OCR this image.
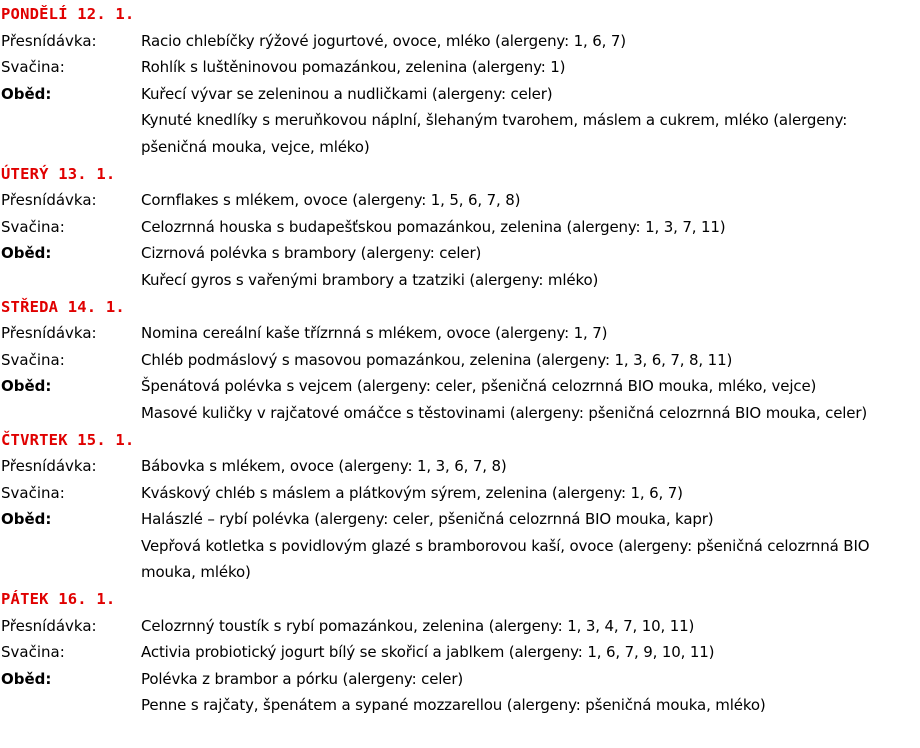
PONDĚLÍ 12. 1.
Přesnídávka:	Racio chlebíčky rýžové jogurtové, ovoce, mléko (alergeny: 1, 6, 7)
Svačina:	Rohlík s luštěninovou pomazánkou, zelenina (alergeny: 1)
Oběd:	Kuřecí vývar se zeleninou a nudličkami (alergeny: celer)
Kynuté knedlíky s meruňkovou náplní, šlehaným tvarohem, máslem a cukrem, mléko (alergeny: pšeničná mouka, vejce, mléko)
ÚTERÝ 13. 1.
Přesnídávka:	Cornflakes s mlékem, ovoce (alergeny: 1, 5, 6, 7, 8)
Svačina:	Celozrnná houska s budapešťskou pomazánkou, zelenina (alergeny: 1, 3, 7, 11)
Oběd:	Cizrnová polévka s brambory (alergeny: celer)
Kuřecí gyros s vařenými brambory a tzatziki (alergeny: mléko)
STŘEDA 14. 1.
Přesnídávka:	Nomina cereální kaše třízrnná s mlékem, ovoce (alergeny: 1, 7)
Svačina:	Chléb podmáslový s masovou pomazánkou, zelenina (alergeny: 1, 3, 6, 7, 8, 11)
Oběd:	Špenátová polévka s vejcem (alergeny: celer, pšeničná celozrnná BIO mouka, mléko, vejce)
Masové kuličky v rajčatové omáčce s těstovinami (alergeny: pšeničná celozrnná BIO mouka, celer)
ČTVRTEK 15. 1.
Přesnídávka:	Bábovka s mlékem, ovoce (alergeny: 1, 3, 6, 7, 8)
Svačina:	Kváskový chléb s máslem a plátkovým sýrem, zelenina (alergeny: 1, 6, 7)
Oběd:	Halászlé – rybí polévka (alergeny: celer, pšeničná celozrnná BIO mouka, kapr)
Vepřová kotletka s povidlovým glazé s bramborovou kaší, ovoce (alergeny: pšeničná celozrnná BIO mouka, mléko)
PÁTEK 16. 1.
Přesnídávka:	Celozrnný toustík s rybí pomazánkou, zelenina (alergeny: 1, 3, 4, 7, 10, 11)
Svačina:	Activia probiotický jogurt bílý se skořicí a jablkem (alergeny: 1, 6, 7, 9, 10, 11)
Oběd:	Polévka z brambor a pórku (alergeny: celer)
Penne s rajčaty, špenátem a sypané mozzarellou (alergeny: pšeničná mouka, mléko)
